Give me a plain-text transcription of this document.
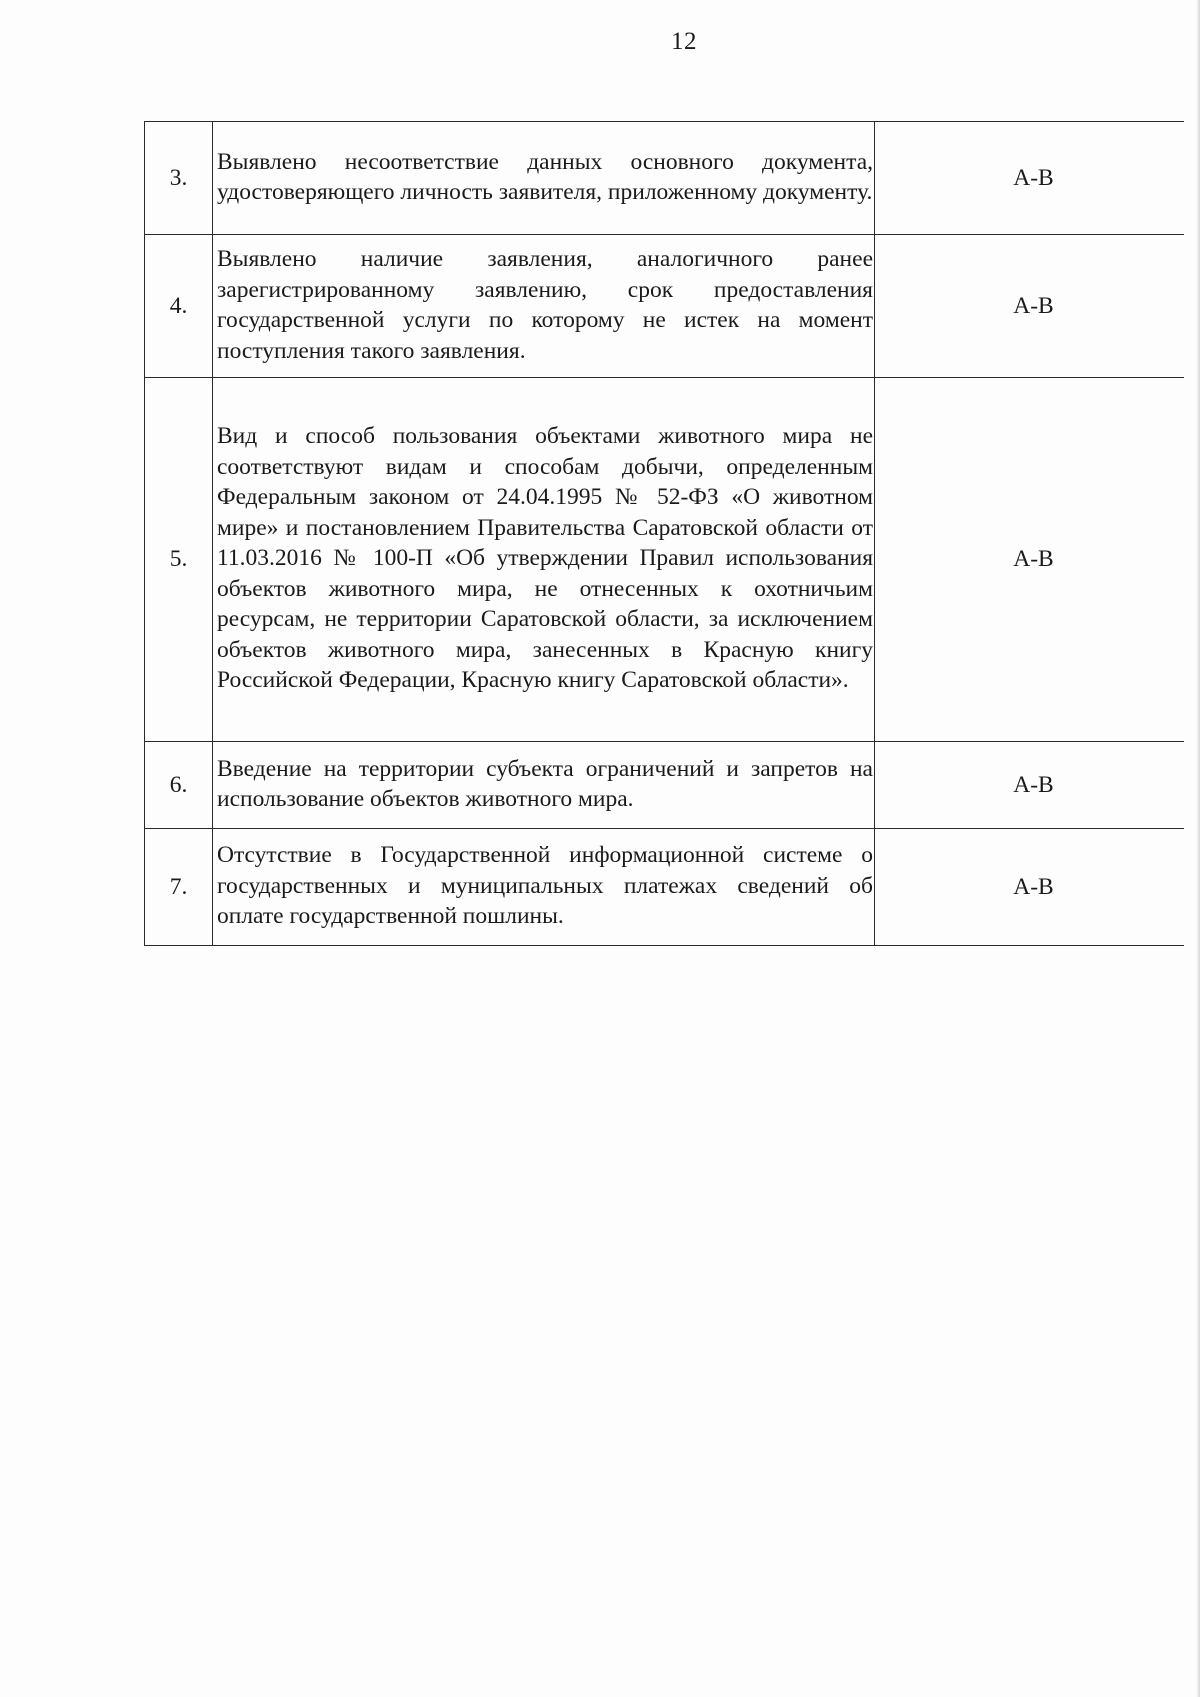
12
3.	Выявлено несоответствие данных основного документа, удостоверяющего личность заявителя, приложенному документу.	А-В
4.	Выявлено наличие заявления, аналогичного ранее зарегистрированному заявлению, срок предоставления государственной услуги по которому не истек на момент поступления такого заявления.	А-В
5.	Вид и способ пользования объектами животного мира не соответствуют видам и способам добычи, определенным Федеральным законом от 24.04.1995 № 52-ФЗ «О животном мире» и постановлением Правительства Саратовской области от 11.03.2016 № 100-П «Об утверждении Правил использования объектов животного мира, не отнесенных к охотничьим ресурсам, не территории Саратовской области, за исключением объектов животного мира, занесенных в Красную книгу Российской Федерации, Красную книгу Саратовской области».	А-В
6.	Введение на территории субъекта ограничений и запретов на использование объектов животного мира.	А-В
7.	Отсутствие в Государственной информационной системе о государственных и муниципальных платежах сведений об оплате государственной пошлины.	А-В
